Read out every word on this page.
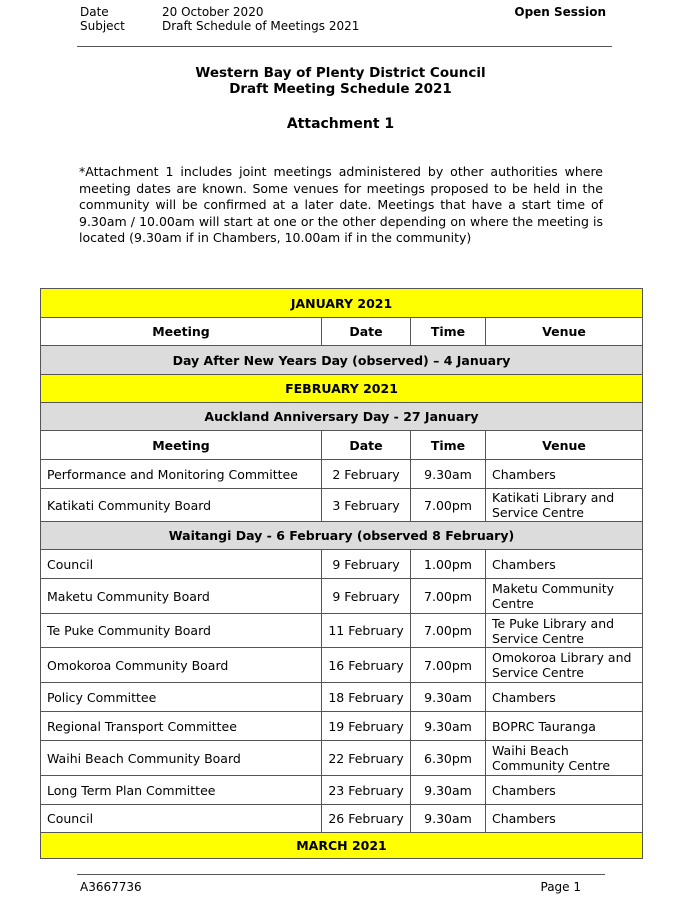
Date	20 October 2020	Open Session
Subject	Draft Schedule of Meetings 2021
Western Bay of Plenty District Council
Draft Meeting Schedule 2021
Attachment 1

*Attachment 1 includes joint meetings administered by other authorities where meeting dates are known. Some venues for meetings proposed to be held in the community will be confirmed at a later date. Meetings that have a start time of 9.30am / 10.00am will start at one or the other depending on where the meeting is located (9.30am if in Chambers, 10.00am if in the community)

JANUARY 2021			
Meeting	Date	Time	Venue
Day After New Years Day (observed) – 4 January			
FEBRUARY 2021			
Auckland Anniversary Day - 27 January			
Meeting	Date	Time	Venue
Performance and Monitoring Committee	2 February	9.30am	Chambers
Katikati Community Board	3 February	7.00pm	Katikati Library and Service Centre
Waitangi Day - 6 February (observed 8 February)			
Council	9 February	1.00pm	Chambers
Maketu Community Board	9 February	7.00pm	Maketu Community Centre
Te Puke Community Board	11 February	7.00pm	Te Puke Library and Service Centre
Omokoroa Community Board	16 February	7.00pm	Omokoroa Library and Service Centre
Policy Committee	18 February	9.30am	Chambers
Regional Transport Committee	19 February	9.30am	BOPRC Tauranga
Waihi Beach Community Board	22 February	6.30pm	Waihi Beach Community Centre
Long Term Plan Committee	23 February	9.30am	Chambers
Council	26 February	9.30am	Chambers
MARCH 2021			
A3667736	Page 1
